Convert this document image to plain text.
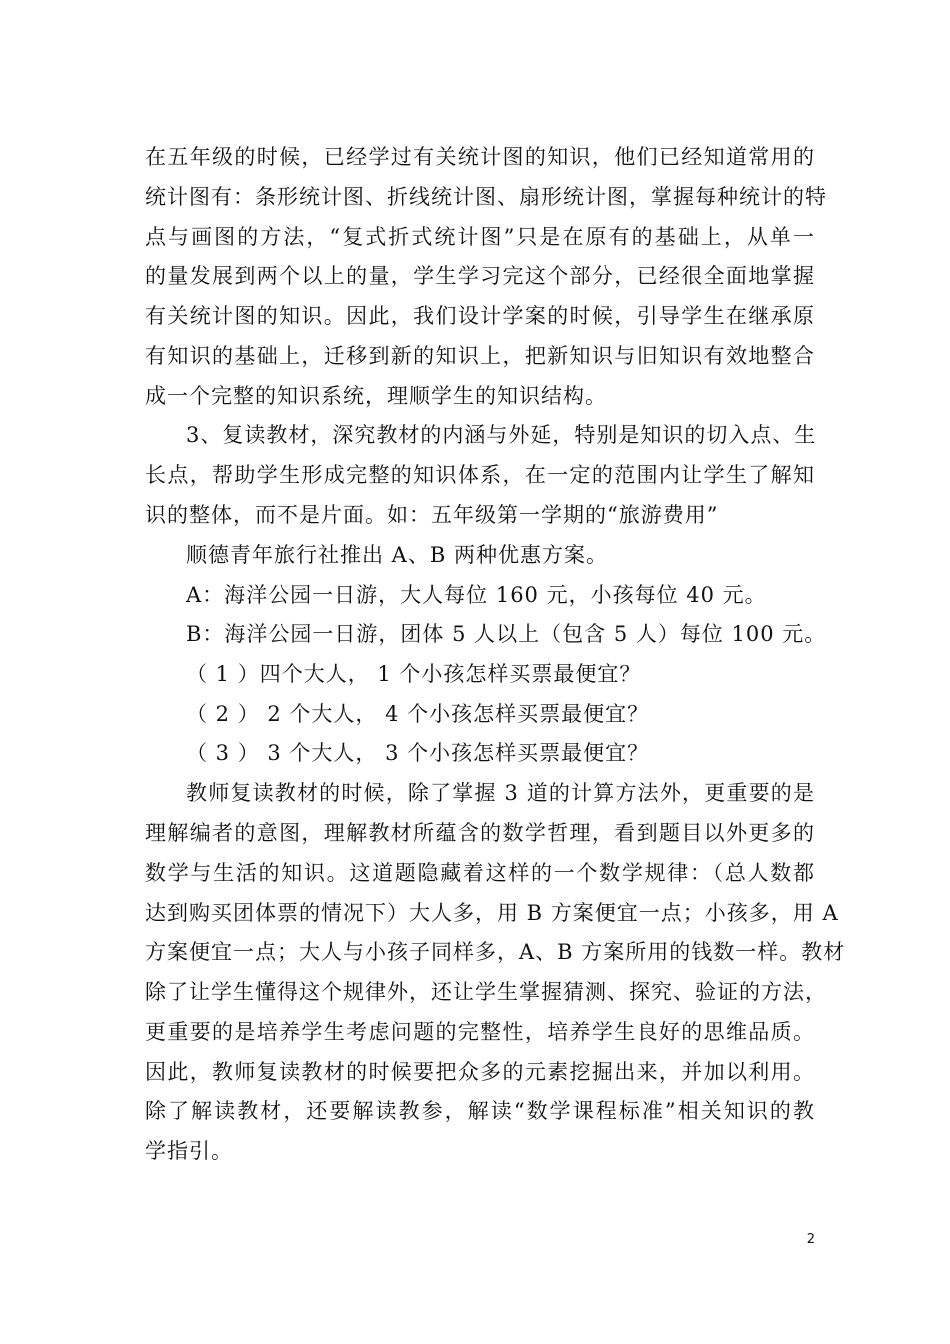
在五年级的时候，已经学过有关统计图的知识，他们已经知道常用的
统计图有：条形统计图、折线统计图、扇形统计图，掌握每种统计的特
点与画图的方法，“复式折式统计图”只是在原有的基础上，从单一
的量发展到两个以上的量，学生学习完这个部分，已经很全面地掌握
有关统计图的知识。因此，我们设计学案的时候，引导学生在继承原
有知识的基础上，迁移到新的知识上，把新知识与旧知识有效地整合
成一个完整的知识系统，理顺学生的知识结构。
3、复读教材，深究教材的内涵与外延，特别是知识的切入点、生
长点，帮助学生形成完整的知识体系，在一定的范围内让学生了解知
识的整体，而不是片面。如：五年级第一学期的“旅游费用”
顺德青年旅行社推出 A、B 两种优惠方案。
A：海洋公园一日游，大人每位 160 元，小孩每位 40 元。
B：海洋公园一日游，团体 5 人以上（包含 5 人）每位 100 元。
（ 1 ）四个大人， 1 个小孩怎样买票最便宜？
（ 2 ） 2 个大人， 4 个小孩怎样买票最便宜？
（ 3 ） 3 个大人， 3 个小孩怎样买票最便宜？
教师复读教材的时候，除了掌握 3 道的计算方法外，更重要的是
理解编者的意图，理解教材所蕴含的数学哲理，看到题目以外更多的
数学与生活的知识。这道题隐藏着这样的一个数学规律：（总人数都
达到购买团体票的情况下）大人多，用 B 方案便宜一点；小孩多，用 A
方案便宜一点；大人与小孩子同样多，A、B 方案所用的钱数一样。教材
除了让学生懂得这个规律外，还让学生掌握猜测、探究、验证的方法，
更重要的是培养学生考虑问题的完整性，培养学生良好的思维品质。
因此，教师复读教材的时候要把众多的元素挖掘出来，并加以利用。
除了解读教材，还要解读教参，解读“数学课程标准”相关知识的教
学指引。
2
